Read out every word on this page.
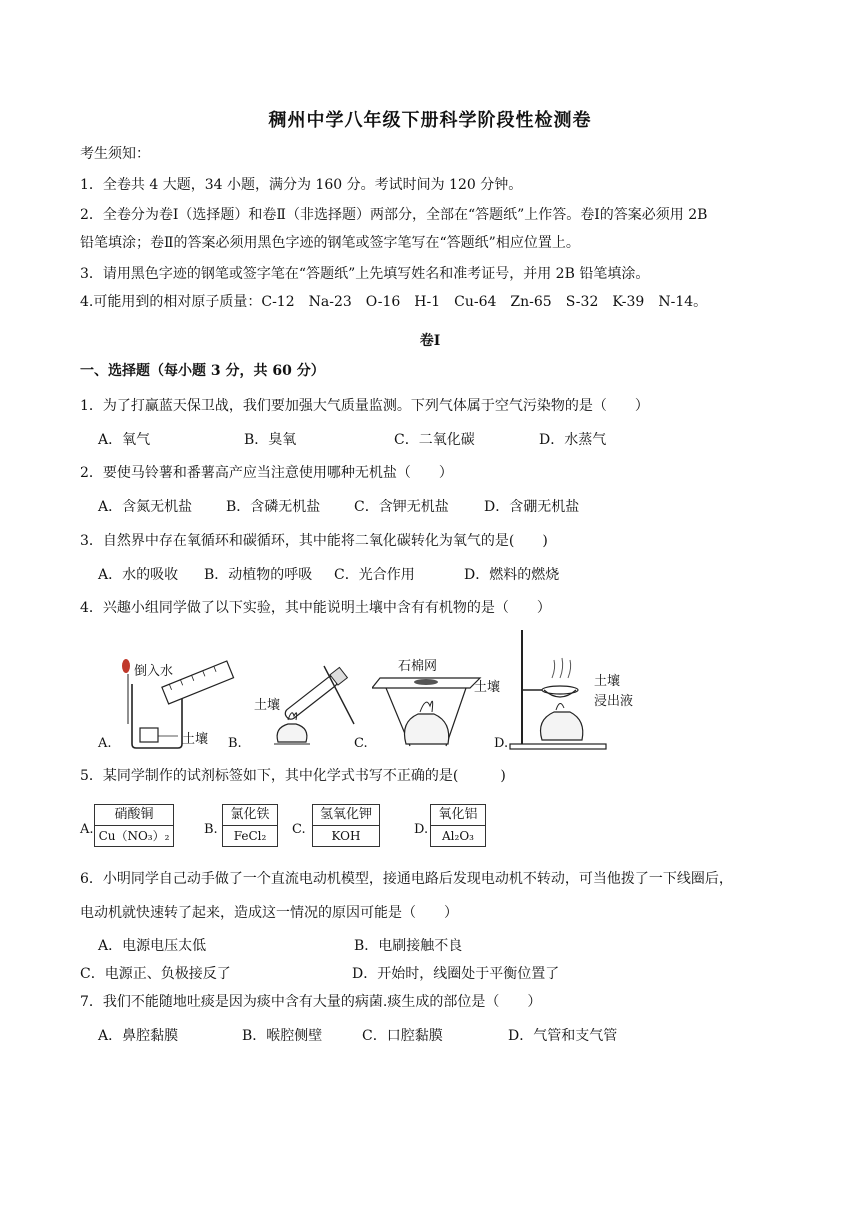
稠州中学八年级下册科学阶段性检测卷
考生须知：
1．全卷共 4 大题，34 小题，满分为 160 分。考试时间为 120 分钟。
2．全卷分为卷Ⅰ（选择题）和卷Ⅱ（非选择题）两部分，全部在“答题纸”上作答。卷Ⅰ的答案必须用 2B
铅笔填涂；卷Ⅱ的答案必须用黑色字迹的钢笔或签字笔写在“答题纸”相应位置上。
3．请用黑色字迹的钢笔或签字笔在“答题纸”上先填写姓名和准考证号，并用 2B 铅笔填涂。
4.可能用到的相对原子质量：C-12　Na-23　O-16　H-1　Cu-64　Zn-65　S-32　K-39　N-14。
卷Ⅰ
一、选择题（每小题 3 分，共 60 分）
1．为了打赢蓝天保卫战，我们要加强大气质量监测。下列气体属于空气污染物的是（　　）
A．氧气	B．臭氧	C．二氧化碳	D．水蒸气
2．要使马铃薯和番薯高产应当注意使用哪种无机盐（　　）
A．含氮无机盐 B．含磷无机盐 C．含钾无机盐	D．含硼无机盐
3．自然界中存在氧循环和碳循环，其中能将二氧化碳转化为氧气的是(　　)
A．水的吸收 B．动植物的呼吸 C．光合作用	D．燃料的燃烧
4．兴趣小组同学做了以下实验，其中能说明土壤中含有有机物的是（　　）
A.
倒入水
土壤 B.
土壤
C.
石棉网
土壤
D.
土壤
浸出液
5．某同学制作的试剂标签如下，其中化学式书写不正确的是(　　　)
A.
硝酸铜
Cu（NO₃）₂	B.
氯化铁
FeCl₂	C.
氢氧化钾
KOH	D.
氧化铝
Al₂O₃
6．小明同学自己动手做了一个直流电动机模型，接通电路后发现电动机不转动，可当他拨了一下线圈后，
电动机就快速转了起来，造成这一情况的原因可能是（　　）
A．电源电压太低	B．电刷接触不良
C．电源正、负极接反了	D．开始时，线圈处于平衡位置了
7．我们不能随地吐痰是因为痰中含有大量的病菌.痰生成的部位是（　　）
A．鼻腔黏膜	B．喉腔侧壁	C．口腔黏膜	D．气管和支气管
